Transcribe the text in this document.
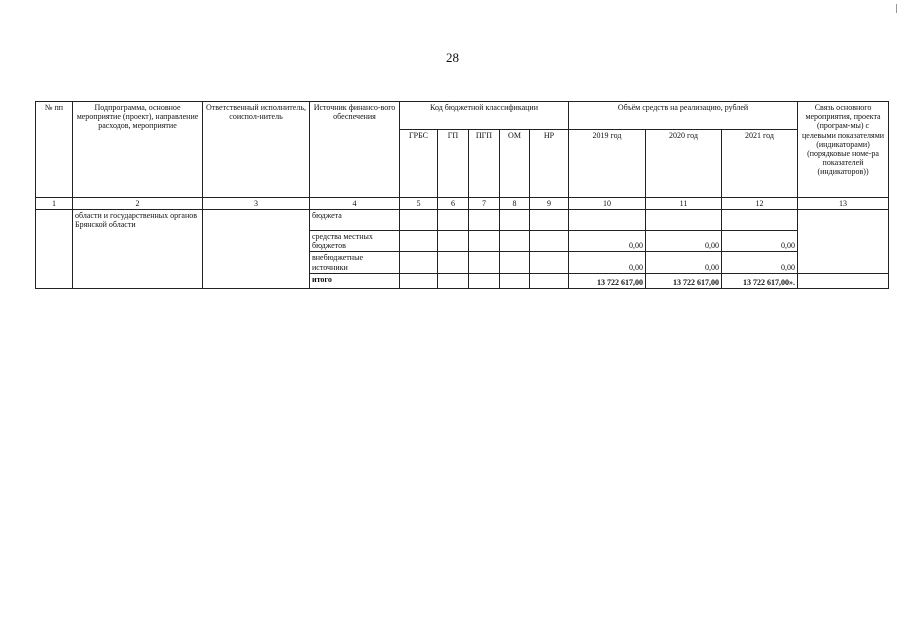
28
№ пп	Подпрограмма, основное мероприятие (проект), направление расходов, мероприятие	Ответственный исполнитель, соиспол-нитель	Источник финансо-вого обеспечения	Код бюджетной классификации					Объём средств на реализацию, рублей			Связь основного мероприятия, проекта (програм-мы) с целевыми показателями (индикаторами) (порядковые номе-ра показателей (индикаторов))
				ГРБС	ГП	ПГП	ОМ	НР	2019 год	2020 год	2021 год	
1	2	3	4	5	6	7	8	9	10	11	12	13
	области и государственных органов Брянской области		бюджета									
			средства местных бюджетов						0,00	0,00	0,00	
			внебюджетные источники						0,00	0,00	0,00	
			итого						13 722 617,00	13 722 617,00	13 722 617,00».	
